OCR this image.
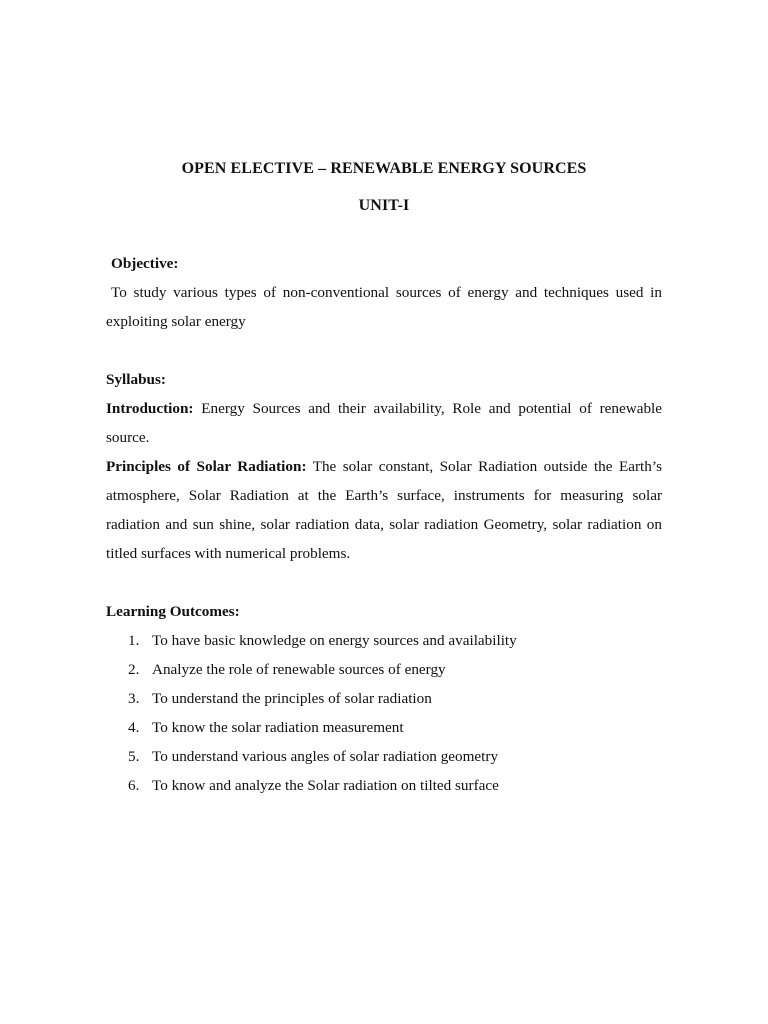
OPEN ELECTIVE – RENEWABLE ENERGY SOURCES
UNIT-I
Objective:
To study various types of non-conventional sources of energy and techniques used in exploiting solar energy
Syllabus:
Introduction: Energy Sources and their availability, Role and potential of renewable source.
Principles of Solar Radiation: The solar constant, Solar Radiation outside the Earth’s atmosphere, Solar Radiation at the Earth’s surface, instruments for measuring solar radiation and sun shine, solar radiation data, solar radiation Geometry, solar radiation on titled surfaces with numerical problems.
Learning Outcomes:
1. To have basic knowledge on energy sources and availability
2. Analyze the role of renewable sources of energy
3. To understand the principles of solar radiation
4. To know the solar radiation measurement
5. To understand various angles of solar radiation geometry
6. To know and analyze the Solar radiation on tilted surface
